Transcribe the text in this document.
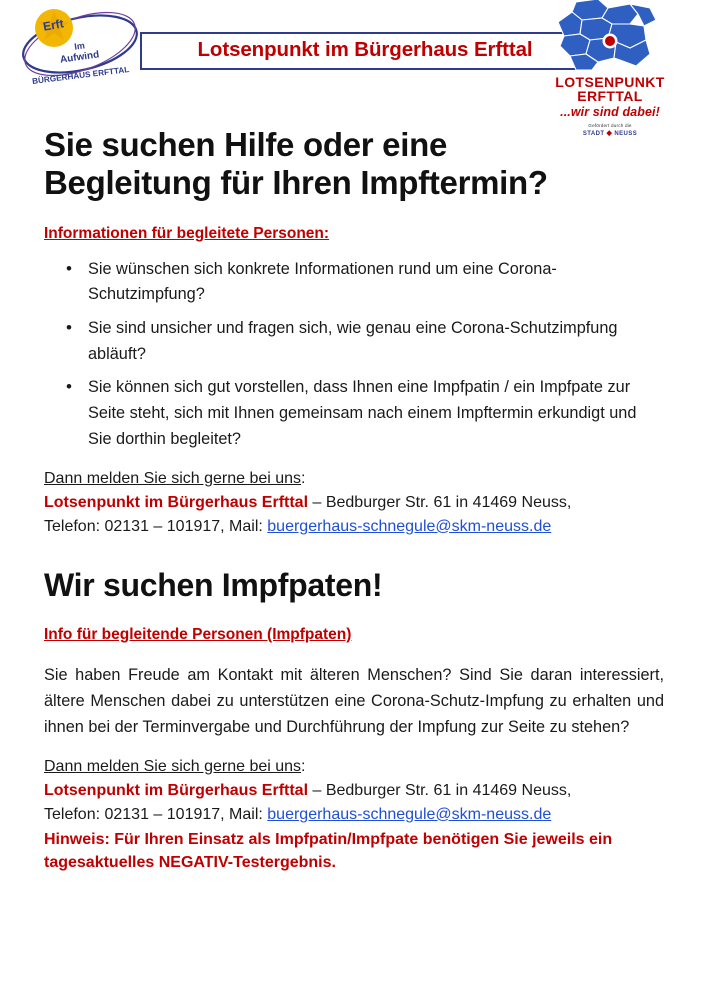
Erft
Im
Aufwind
BÜRGERHAUS ERFTTAL
Lotsenpunkt im Bürgerhaus Erfttal
LOTSENPUNKT
ERFTTAL
...wir sind dabei!
Gefördert durch die
STADT ◆ NEUSS
Sie suchen Hilfe oder eine
Begleitung für Ihren Impftermin?
Informationen für begleitete Personen:
• Sie wünschen sich konkrete Informationen rund um eine Corona-Schutzimpfung?
• Sie sind unsicher und fragen sich, wie genau eine Corona-Schutzimpfung abläuft?
• Sie können sich gut vorstellen, dass Ihnen eine Impfpatin / ein Impfpate zur Seite steht, sich mit Ihnen gemeinsam nach einem Impftermin erkundigt und Sie dorthin begleitet?
Dann melden Sie sich gerne bei uns:
Lotsenpunkt im Bürgerhaus Erfttal – Bedburger Str. 61 in 41469 Neuss,
Telefon: 02131 – 101917, Mail: buergerhaus-schnegule@skm-neuss.de
Wir suchen Impfpaten!
Info für begleitende Personen (Impfpaten)

Sie haben Freude am Kontakt mit älteren Menschen? Sind Sie daran interessiert, ältere Menschen dabei zu unterstützen eine Corona-Schutz-Impfung zu erhalten und ihnen bei der Terminvergabe und Durchführung der Impfung zur Seite zu stehen?

Dann melden Sie sich gerne bei uns:
Lotsenpunkt im Bürgerhaus Erfttal – Bedburger Str. 61 in 41469 Neuss,
Telefon: 02131 – 101917, Mail: buergerhaus-schnegule@skm-neuss.de
Hinweis: Für Ihren Einsatz als Impfpatin/Impfpate benötigen Sie jeweils ein
tagesaktuelles NEGATIV-Testergebnis.
